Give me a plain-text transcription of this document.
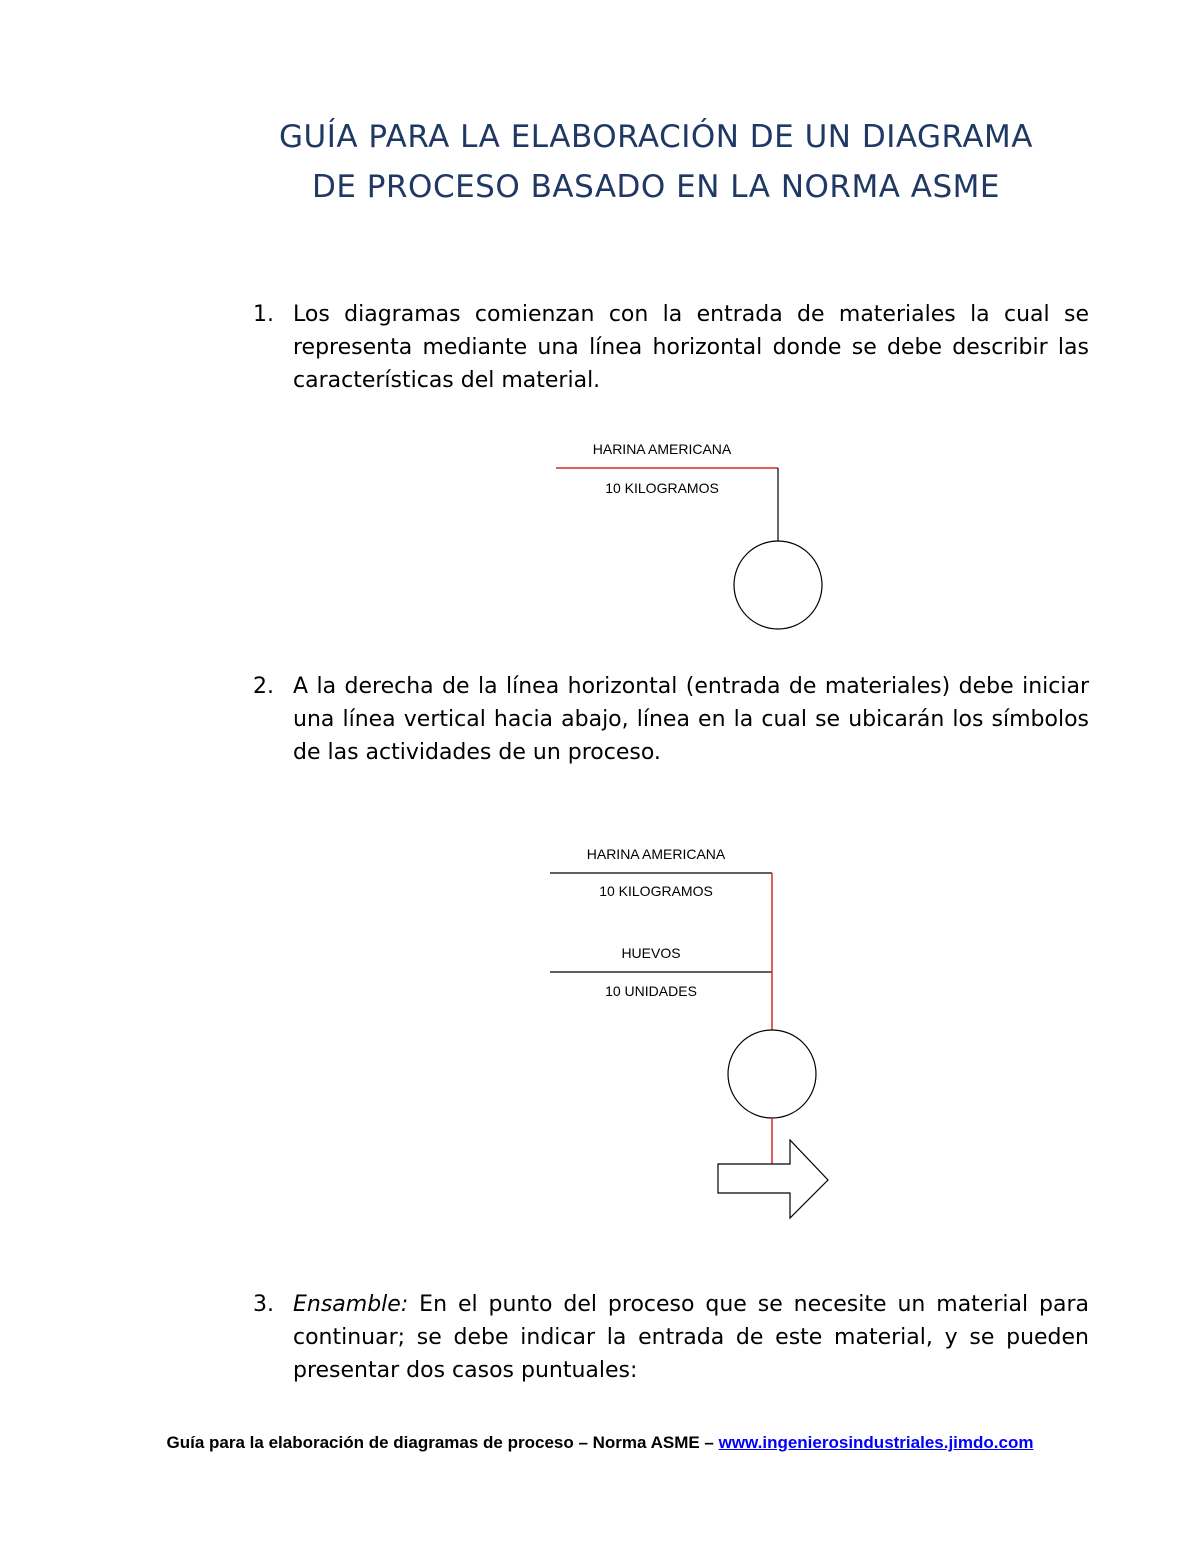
GUÍA PARA LA ELABORACIÓN DE UN DIAGRAMA
DE PROCESO BASADO EN LA NORMA ASME
1. Los diagramas comienzan con la entrada de materiales la cual se representa mediante una línea horizontal donde se debe describir las características del material.
HARINA AMERICANA
10 KILOGRAMOS
HARINA AMERICANA
10 KILOGRAMOS
HUEVOS
10 UNIDADES
2. A la derecha de la línea horizontal (entrada de materiales) debe iniciar una línea vertical hacia abajo, línea en la cual se ubicarán los símbolos de las actividades de un proceso.
3. Ensamble: En el punto del proceso que se necesite un material para continuar; se debe indicar la entrada de este material, y se pueden presentar dos casos puntuales:
Guía para la elaboración de diagramas de proceso – Norma ASME – www.ingenierosindustriales.jimdo.com
